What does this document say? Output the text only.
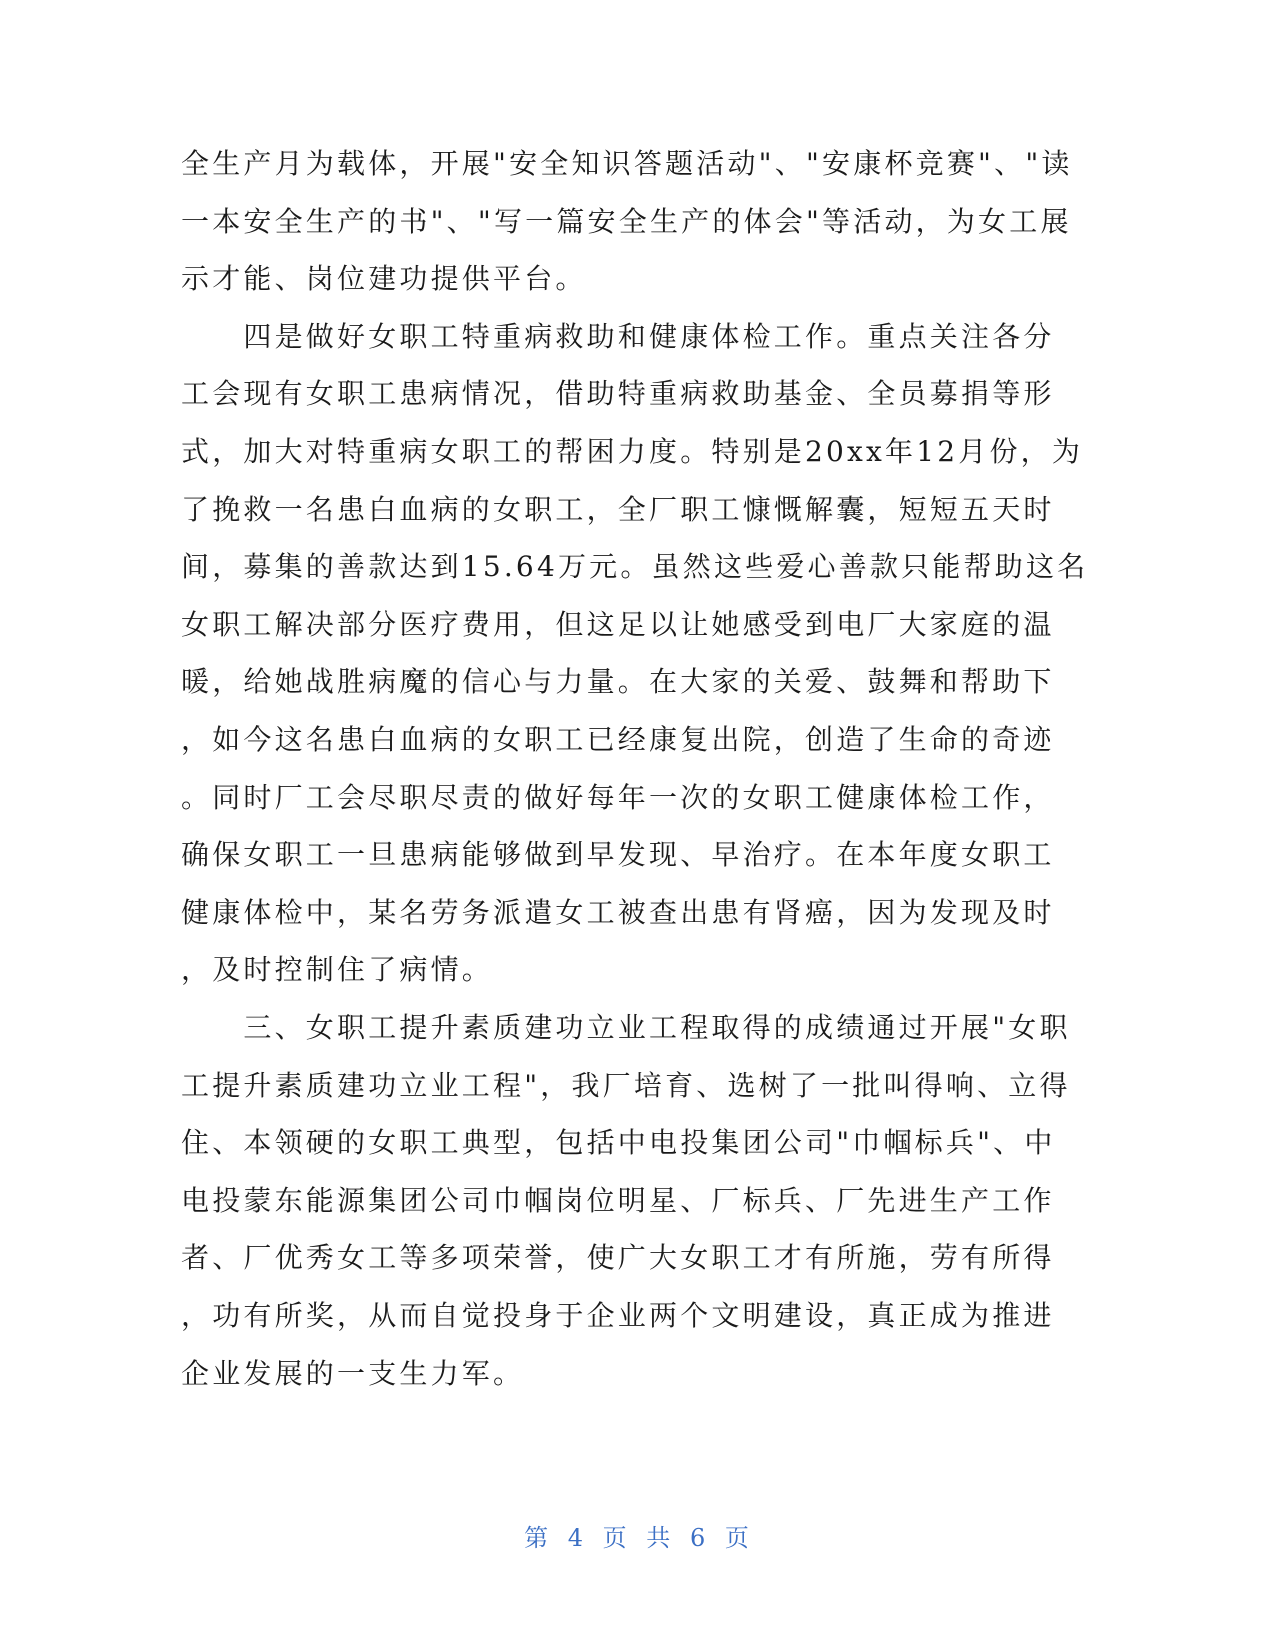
全生产月为载体，开展"安全知识答题活动"、"安康杯竞赛"、"读
一本安全生产的书"、"写一篇安全生产的体会"等活动，为女工展
示才能、岗位建功提供平台。
　　四是做好女职工特重病救助和健康体检工作。重点关注各分
工会现有女职工患病情况，借助特重病救助基金、全员募捐等形
式，加大对特重病女职工的帮困力度。特别是20xx年12月份，为
了挽救一名患白血病的女职工，全厂职工慷慨解囊，短短五天时
间，募集的善款达到15.64万元。虽然这些爱心善款只能帮助这名
女职工解决部分医疗费用，但这足以让她感受到电厂大家庭的温
暖，给她战胜病魔的信心与力量。在大家的关爱、鼓舞和帮助下
，如今这名患白血病的女职工已经康复出院，创造了生命的奇迹
。同时厂工会尽职尽责的做好每年一次的女职工健康体检工作，
确保女职工一旦患病能够做到早发现、早治疗。在本年度女职工
健康体检中，某名劳务派遣女工被查出患有肾癌，因为发现及时
，及时控制住了病情。
　　三、女职工提升素质建功立业工程取得的成绩通过开展"女职
工提升素质建功立业工程"，我厂培育、选树了一批叫得响、立得
住、本领硬的女职工典型，包括中电投集团公司"巾帼标兵"、中
电投蒙东能源集团公司巾帼岗位明星、厂标兵、厂先进生产工作
者、厂优秀女工等多项荣誉，使广大女职工才有所施，劳有所得
，功有所奖，从而自觉投身于企业两个文明建设，真正成为推进
企业发展的一支生力军。
第 4 页 共 6 页
